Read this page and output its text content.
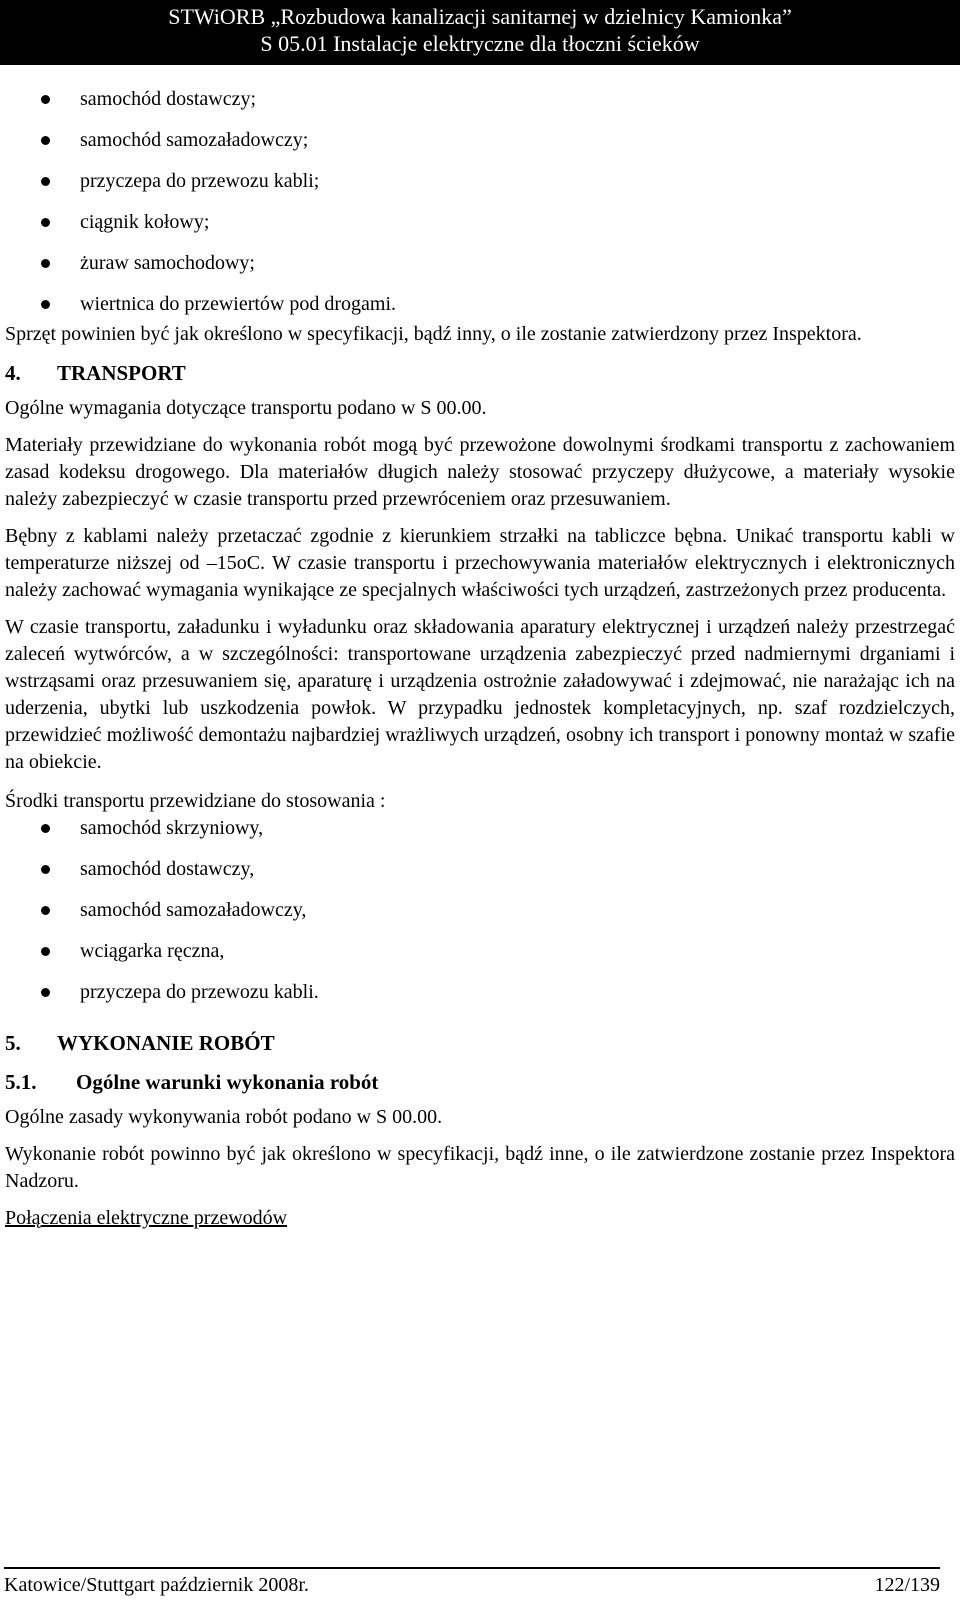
STWiORB „Rozbudowa kanalizacji sanitarnej w dzielnicy Kamionka”
S 05.01 Instalacje elektryczne dla tłoczni ścieków
samochód dostawczy;
samochód samozaładowczy;
przyczepa do przewozu kabli;
ciągnik kołowy;
żuraw samochodowy;
wiertnica do przewiertów pod drogami.

Sprzęt powinien być jak określono w specyfikacji, bądź inny, o ile zostanie zatwierdzony przez Inspektora.

4. TRANSPORT

Ogólne wymagania dotyczące transportu podano w S 00.00.

Materiały przewidziane do wykonania robót mogą być przewożone dowolnymi środkami transportu z zachowaniem zasad kodeksu drogowego. Dla materiałów długich należy stosować przyczepy dłużycowe, a materiały wysokie należy zabezpieczyć w czasie transportu przed przewróceniem oraz przesuwaniem.

Bębny z kablami należy przetaczać zgodnie z kierunkiem strzałki na tabliczce bębna. Unikać transportu kabli w temperaturze niższej od –15oC. W czasie transportu i przechowywania materiałów elektrycznych i elektronicznych należy zachować wymagania wynikające ze specjalnych właściwości tych urządzeń, zastrzeżonych przez producenta.

W czasie transportu, załadunku i wyładunku oraz składowania aparatury elektrycznej i urządzeń należy przestrzegać zaleceń wytwórców, a w szczególności: transportowane urządzenia zabezpieczyć przed nadmiernymi drganiami i wstrząsami oraz przesuwaniem się, aparaturę i urządzenia ostrożnie załadowywać i zdejmować, nie narażając ich na uderzenia, ubytki lub uszkodzenia powłok. W przypadku jednostek kompletacyjnych, np. szaf rozdzielczych, przewidzieć możliwość demontażu najbardziej wrażliwych urządzeń, osobny ich transport i ponowny montaż w szafie na obiekcie.

Środki transportu przewidziane do stosowania :

samochód skrzyniowy,
samochód dostawczy,
samochód samozaładowczy,
wciągarka ręczna,
przyczepa do przewozu kabli.
5. WYKONANIE ROBÓT
5.1. Ogólne warunki wykonania robót

Ogólne zasady wykonywania robót podano w S 00.00.

Wykonanie robót powinno być jak określono w specyfikacji, bądź inne, o ile zatwierdzone zostanie przez Inspektora Nadzoru.

Połączenia elektryczne przewodów

Katowice/Stuttgart październik 2008r.	122/139
